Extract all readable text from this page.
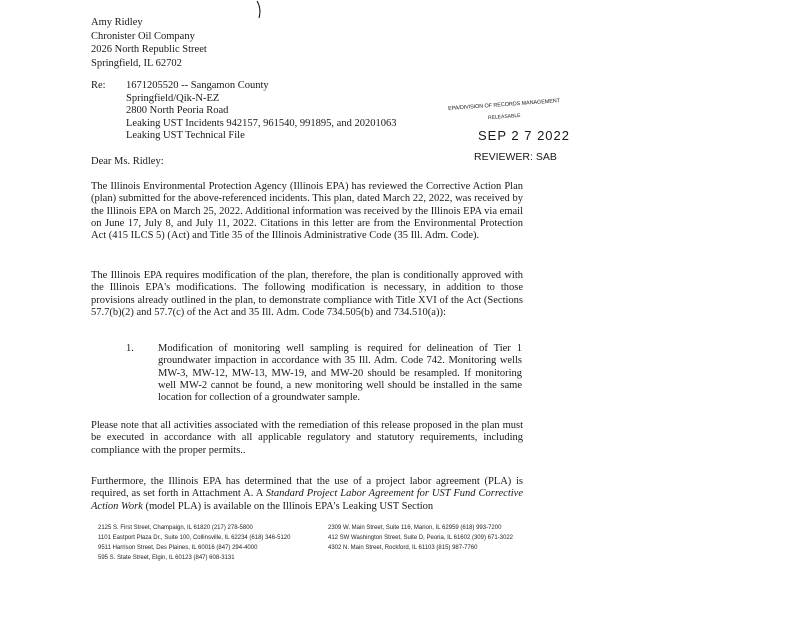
Amy Ridley
Chronister Oil Company
2026 North Republic Street
Springfield, IL 62702
Re: 1671205520 -- Sangamon County
Springfield/Qik-N-EZ
2800 North Peoria Road
Leaking UST Incidents 942157, 961540, 991895, and 20201063
Leaking UST Technical File
EPA/DIVISION OF RECORDS MANAGEMENT
RELEASABLE
SEP 2 7 2022
REVIEWER: SAB
Dear Ms. Ridley:
The Illinois Environmental Protection Agency (Illinois EPA) has reviewed the Corrective Action Plan (plan) submitted for the above-referenced incidents. This plan, dated March 22, 2022, was received by the Illinois EPA on March 25, 2022. Additional information was received by the Illinois EPA via email on June 17, July 8, and July 11, 2022. Citations in this letter are from the Environmental Protection Act (415 ILCS 5) (Act) and Title 35 of the Illinois Administrative Code (35 Ill. Adm. Code).
The Illinois EPA requires modification of the plan, therefore, the plan is conditionally approved with the Illinois EPA's modifications. The following modification is necessary, in addition to those provisions already outlined in the plan, to demonstrate compliance with Title XVI of the Act (Sections 57.7(b)(2) and 57.7(c) of the Act and 35 Ill. Adm. Code 734.505(b) and 734.510(a)):
1. Modification of monitoring well sampling is required for delineation of Tier 1 groundwater impaction in accordance with 35 Ill. Adm. Code 742. Monitoring wells MW-3, MW-12, MW-13, MW-19, and MW-20 should be resampled. If monitoring well MW-2 cannot be found, a new monitoring well should be installed in the same location for collection of a groundwater sample.
Please note that all activities associated with the remediation of this release proposed in the plan must be executed in accordance with all applicable regulatory and statutory requirements, including compliance with the proper permits..
Furthermore, the Illinois EPA has determined that the use of a project labor agreement (PLA) is required, as set forth in Attachment A. A Standard Project Labor Agreement for UST Fund Corrective Action Work (model PLA) is available on the Illinois EPA's Leaking UST Section
2125 S. First Street, Champaign, IL 61820 (217) 278-5800
1101 Eastport Plaza Dr., Suite 100, Collinsville, IL 62234 (618) 346-5120
9511 Harrison Street, Des Plaines, IL 60016 (847) 294-4000
595 S. State Street, Elgin, IL 60123 (847) 608-3131
2309 W. Main Street, Suite 116, Marion, IL 62959 (618) 993-7200
412 SW Washington Street, Suite D, Peoria, IL 61602 (309) 671-3022
4302 N. Main Street, Rockford, IL 61103 (815) 987-7760
